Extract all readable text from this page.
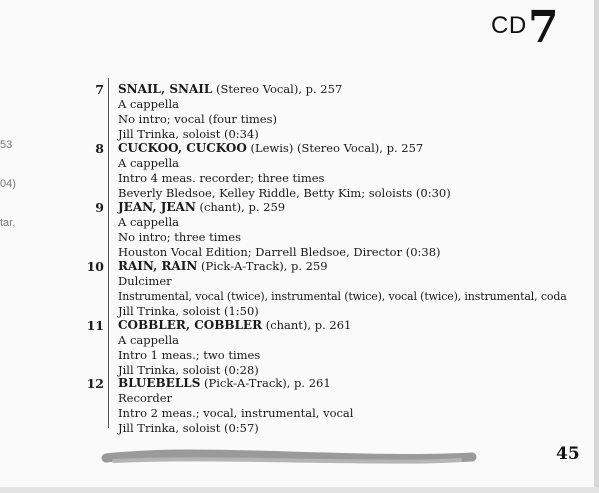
CD 7
53
04)
tar,
7 SNAIL, SNAIL (Stereo Vocal), p. 257
A cappella
No intro; vocal (four times)
Jill Trinka, soloist (0:34)
8 CUCKOO, CUCKOO (Lewis) (Stereo Vocal), p. 257
A cappella
Intro 4 meas. recorder; three times
Beverly Bledsoe, Kelley Riddle, Betty Kim; soloists (0:30)
9 JEAN, JEAN (chant), p. 259
A cappella
No intro; three times
Houston Vocal Edition; Darrell Bledsoe, Director (0:38)
10 RAIN, RAIN (Pick-A-Track), p. 259
Dulcimer
Instrumental, vocal (twice), instrumental (twice), vocal (twice), instrumental, coda
Jill Trinka, soloist (1:50)
11 COBBLER, COBBLER (chant), p. 261
A cappella
Intro 1 meas.; two times
Jill Trinka, soloist (0:28)
12 BLUEBELLS (Pick-A-Track), p. 261
Recorder
Intro 2 meas.; vocal, instrumental, vocal
Jill Trinka, soloist (0:57)
45
